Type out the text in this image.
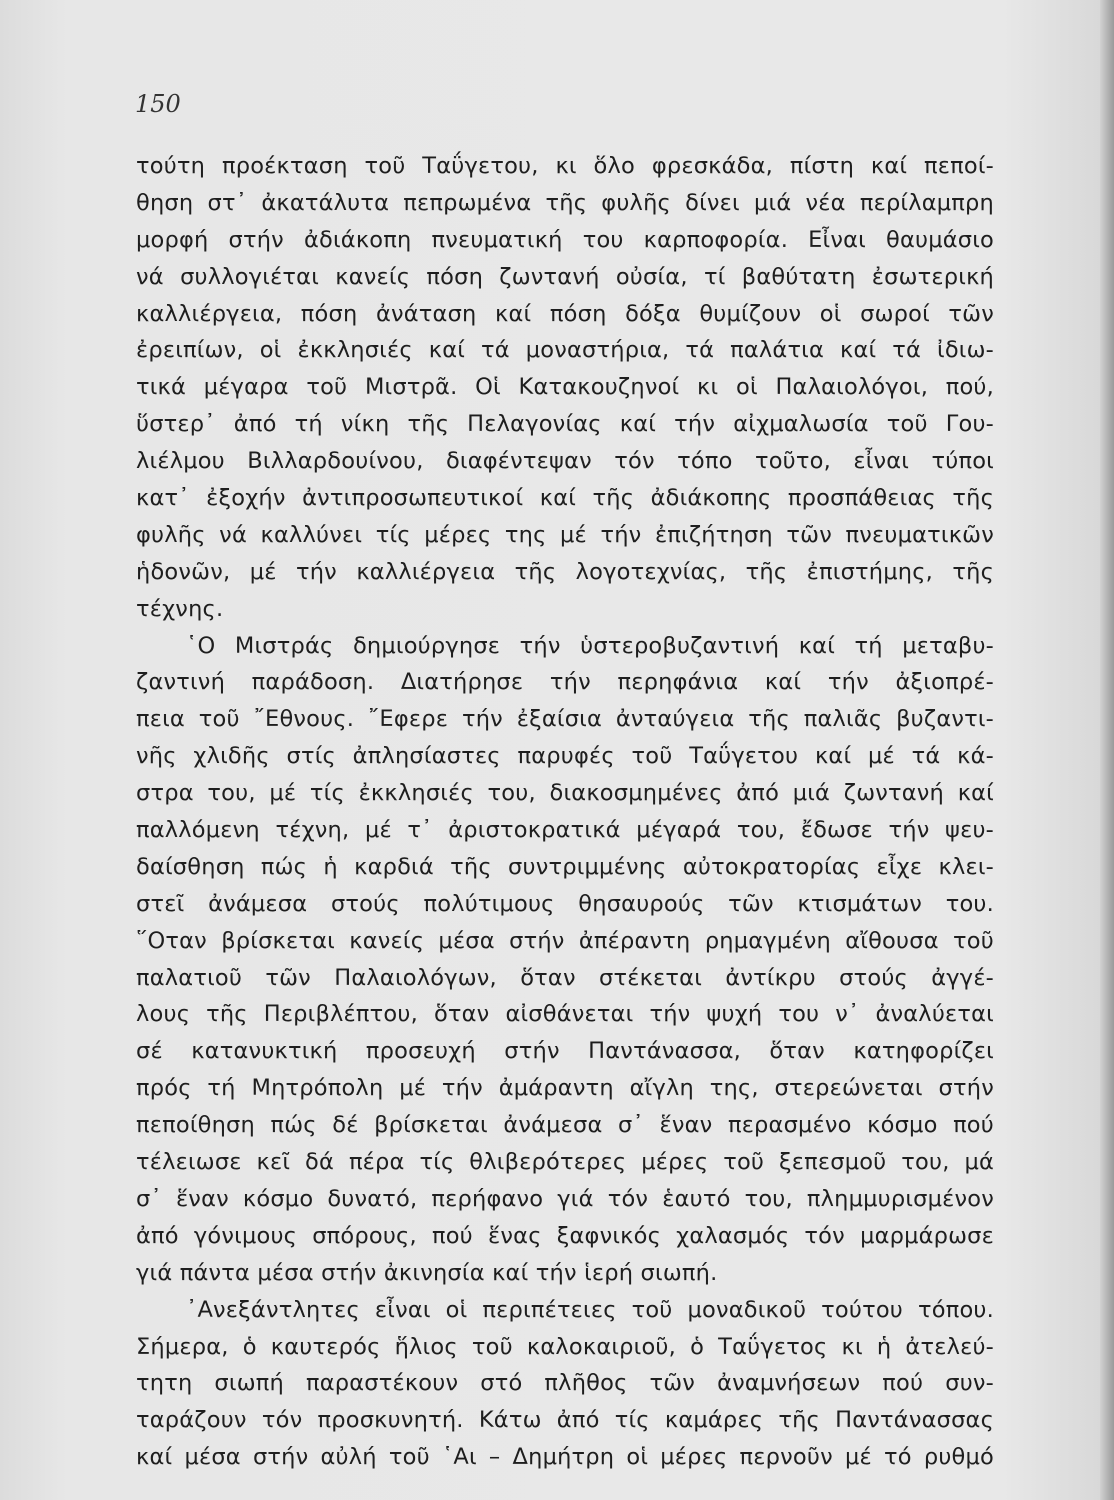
150
τούτη προέκταση τοῦ Ταΰγετου, κι ὅλο φρεσκάδα, πίστη καί πεποί-
θηση στ᾿ ἀκατάλυτα πεπρωμένα τῆς φυλῆς δίνει μιά νέα περίλαμπρη
μορφή στήν ἀδιάκοπη πνευματική του καρποφορία. Εἶναι θαυμάσιο
νά συλλογιέται κανείς πόση ζωντανή οὐσία, τί βαθύτατη ἐσωτερική
καλλιέργεια, πόση ἀνάταση καί πόση δόξα θυμίζουν οἱ σωροί τῶν
ἐρειπίων, οἱ ἐκκλησιές καί τά μοναστήρια, τά παλάτια καί τά ἰδιω-
τικά μέγαρα τοῦ Μιστρᾶ. Οἱ Κατακουζηνοί κι οἱ Παλαιολόγοι, πού,
ὕστερ᾿ ἀπό τή νίκη τῆς Πελαγονίας καί τήν αἰχμαλωσία τοῦ Γου-
λιέλμου Βιλλαρδουίνου, διαφέντεψαν τόν τόπο τοῦτο, εἶναι τύποι
κατ᾿ ἐξοχήν ἀντιπροσωπευτικοί καί τῆς ἀδιάκοπης προσπάθειας τῆς
φυλῆς νά καλλύνει τίς μέρες της μέ τήν ἐπιζήτηση τῶν πνευματικῶν
ἡδονῶν, μέ τήν καλλιέργεια τῆς λογοτεχνίας, τῆς ἐπιστήμης, τῆς
τέχνης.
῾Ο Μιστράς δημιούργησε τήν ὑστεροβυζαντινή καί τή μεταβυ-
ζαντινή παράδοση. Διατήρησε τήν περηφάνια καί τήν ἀξιοπρέ-
πεια τοῦ ῎Εθνους. ῎Εφερε τήν ἐξαίσια ἀνταύγεια τῆς παλιᾶς βυζαντι-
νῆς χλιδῆς στίς ἀπλησίαστες παρυφές τοῦ Ταΰγετου καί μέ τά κά-
στρα του, μέ τίς ἐκκλησιές του, διακοσμημένες ἀπό μιά ζωντανή καί
παλλόμενη τέχνη, μέ τ᾿ ἀριστοκρατικά μέγαρά του, ἔδωσε τήν ψευ-
δαίσθηση πώς ἡ καρδιά τῆς συντριμμένης αὐτοκρατορίας εἶχε κλει-
στεῖ ἀνάμεσα στούς πολύτιμους θησαυρούς τῶν κτισμάτων του.
῞Οταν βρίσκεται κανείς μέσα στήν ἀπέραντη ρημαγμένη αἴθουσα τοῦ
παλατιοῦ τῶν Παλαιολόγων, ὅταν στέκεται ἀντίκρυ στούς ἀγγέ-
λους τῆς Περιβλέπτου, ὅταν αἰσθάνεται τήν ψυχή του ν᾿ ἀναλύεται
σέ κατανυκτική προσευχή στήν Παντάνασσα, ὅταν κατηφορίζει
πρός τή Μητρόπολη μέ τήν ἀμάραντη αἴγλη της, στερεώνεται στήν
πεποίθηση πώς δέ βρίσκεται ἀνάμεσα σ᾿ ἕναν περασμένο κόσμο πού
τέλειωσε κεῖ δά πέρα τίς θλιβερότερες μέρες τοῦ ξεπεσμοῦ του, μά
σ᾿ ἕναν κόσμο δυνατό, περήφανο γιά τόν ἑαυτό του, πλημμυρισμένον
ἀπό γόνιμους σπόρους, πού ἕνας ξαφνικός χαλασμός τόν μαρμάρωσε
γιά πάντα μέσα στήν ἀκινησία καί τήν ἱερή σιωπή.
᾿Ανεξάντλητες εἶναι οἱ περιπέτειες τοῦ μοναδικοῦ τούτου τόπου.
Σήμερα, ὁ καυτερός ἥλιος τοῦ καλοκαιριοῦ, ὁ Ταΰγετος κι ἡ ἀτελεύ-
τητη σιωπή παραστέκουν στό πλῆθος τῶν ἀναμνήσεων πού συν-
ταράζουν τόν προσκυνητή. Κάτω ἀπό τίς καμάρες τῆς Παντάνασσας
καί μέσα στήν αὐλή τοῦ ῾Αι – Δημήτρη οἱ μέρες περνοῦν μέ τό ρυθμό
